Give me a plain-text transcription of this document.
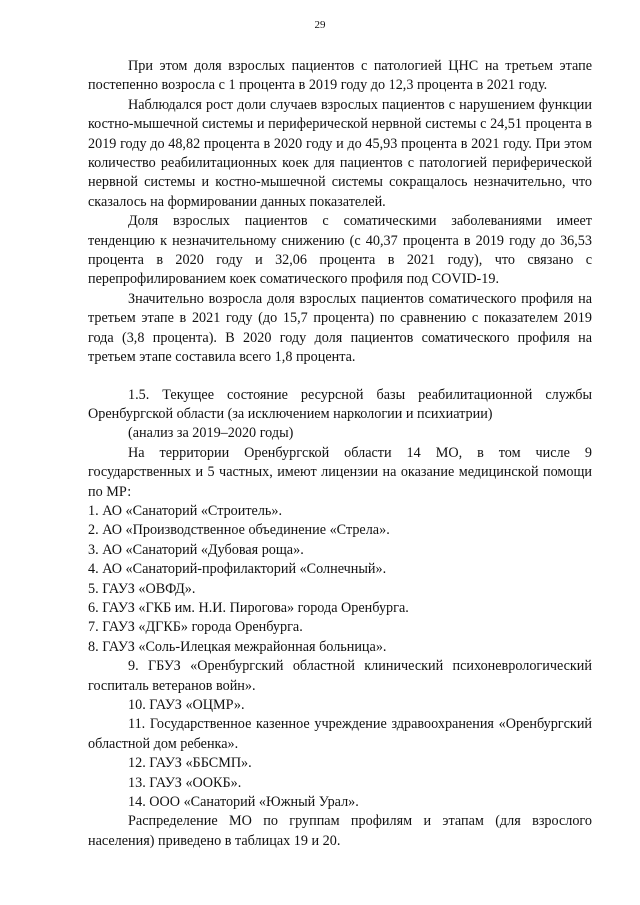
29

При этом доля взрослых пациентов с патологией ЦНС на третьем этапе постепенно возросла с 1 процента в 2019 году до 12,3 процента в 2021 году.

Наблюдался рост доли случаев взрослых пациентов с нарушением функции костно-мышечной системы и периферической нервной системы с 24,51 процента в 2019 году до 48,82 процента в 2020 году и до 45,93 процента в 2021 году. При этом количество реабилитационных коек для пациентов с патологией периферической нервной системы и костно-мышечной системы сокращалось незначительно, что сказалось на формировании данных показателей.

Доля взрослых пациентов с соматическими заболеваниями имеет тенденцию к незначительному снижению (с 40,37 процента в 2019 году до 36,53 процента в 2020 году и 32,06 процента в 2021 году), что связано с перепрофилированием коек соматического профиля под COVID-19.

Значительно возросла доля взрослых пациентов соматического профиля на третьем этапе в 2021 году (до 15,7 процента) по сравнению с показателем 2019 года (3,8 процента). В 2020 году доля пациентов соматического профиля на третьем этапе составила всего 1,8 процента.

1.5. Текущее состояние ресурсной базы реабилитационной службы Оренбургской области (за исключением наркологии и психиатрии)

(анализ за 2019–2020 годы)

На территории Оренбургской области 14 МО, в том числе 9 государственных и 5 частных, имеют лицензии на оказание медицинской помощи по МР:

1. АО «Санаторий «Строитель».

2. АО «Производственное объединение «Стрела».

3. АО «Санаторий «Дубовая роща».

4. АО «Санаторий-профилакторий «Солнечный».

5. ГАУЗ «ОВФД».

6. ГАУЗ «ГКБ им. Н.И. Пирогова» города Оренбурга.

7. ГАУЗ «ДГКБ» города Оренбурга.

8. ГАУЗ «Соль-Илецкая межрайонная больница».

9. ГБУЗ «Оренбургский областной клинический психоневрологический госпиталь ветеранов войн».

10. ГАУЗ «ОЦМР».

11. Государственное казенное учреждение здравоохранения «Оренбургский областной дом ребенка».

12. ГАУЗ «ББСМП».

13. ГАУЗ «ООКБ».

14. ООО «Санаторий «Южный Урал».

Распределение МО по группам профилям и этапам (для взрослого населения) приведено в таблицах 19 и 20.
